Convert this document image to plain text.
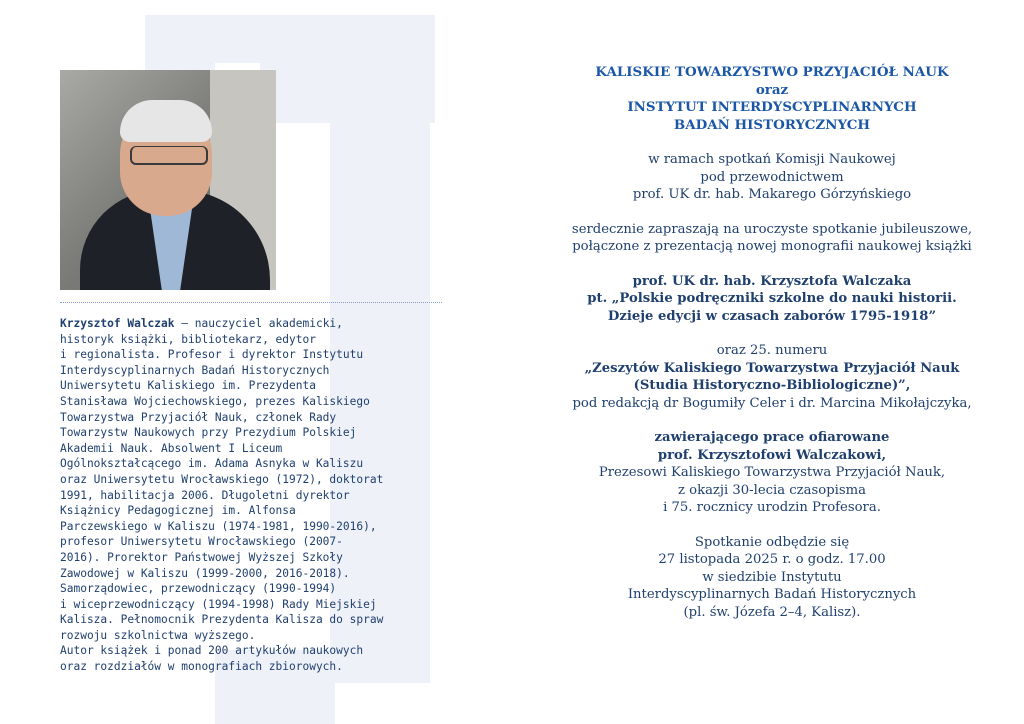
Krzysztof Walczak – nauczyciel akademicki,
historyk książki, bibliotekarz, edytor
i regionalista. Profesor i dyrektor Instytutu
Interdyscyplinarnych Badań Historycznych
Uniwersytetu Kaliskiego im. Prezydenta
Stanisława Wojciechowskiego, prezes Kaliskiego
Towarzystwa Przyjaciół Nauk, członek Rady
Towarzystw Naukowych przy Prezydium Polskiej
Akademii Nauk. Absolwent I Liceum
Ogólnokształcącego im. Adama Asnyka w Kaliszu
oraz Uniwersytetu Wrocławskiego (1972), doktorat
1991, habilitacja 2006. Długoletni dyrektor
Książnicy Pedagogicznej im. Alfonsa
Parczewskiego w Kaliszu (1974-1981, 1990-2016),
profesor Uniwersytetu Wrocławskiego (2007-
2016). Prorektor Państwowej Wyższej Szkoły
Zawodowej w Kaliszu (1999-2000, 2016-2018).
Samorządowiec, przewodniczący (1990-1994)
i wiceprzewodniczący (1994-1998) Rady Miejskiej
Kalisza. Pełnomocnik Prezydenta Kalisza do spraw
rozwoju szkolnictwa wyższego.
Autor książek i ponad 200 artykułów naukowych
oraz rozdziałów w monografiach zbiorowych.

KALISKIE TOWARZYSTWO PRZYJACIÓŁ NAUK

oraz

INSTYTUT INTERDYSCYPLINARNYCH

BADAŃ HISTORYCZNYCH

w ramach spotkań Komisji Naukowej

pod przewodnictwem

prof. UK dr. hab. Makarego Górzyńskiego

serdecznie zapraszają na uroczyste spotkanie jubileuszowe,

połączone z prezentacją nowej monografii naukowej książki

prof. UK dr. hab. Krzysztofa Walczaka

pt. „Polskie podręczniki szkolne do nauki historii.

Dzieje edycji w czasach zaborów 1795-1918”

oraz 25. numeru

„Zeszytów Kaliskiego Towarzystwa Przyjaciół Nauk

(Studia Historyczno-Bibliologiczne)”,

pod redakcją dr Bogumiły Celer i dr. Marcina Mikołajczyka,

zawierającego prace ofiarowane

prof. Krzysztofowi Walczakowi,

Prezesowi Kaliskiego Towarzystwa Przyjaciół Nauk,

z okazji 30-lecia czasopisma

i 75. rocznicy urodzin Profesora.

Spotkanie odbędzie się

27 listopada 2025 r. o godz. 17.00

w siedzibie Instytutu

Interdyscyplinarnych Badań Historycznych

(pl. św. Józefa 2–4, Kalisz).
